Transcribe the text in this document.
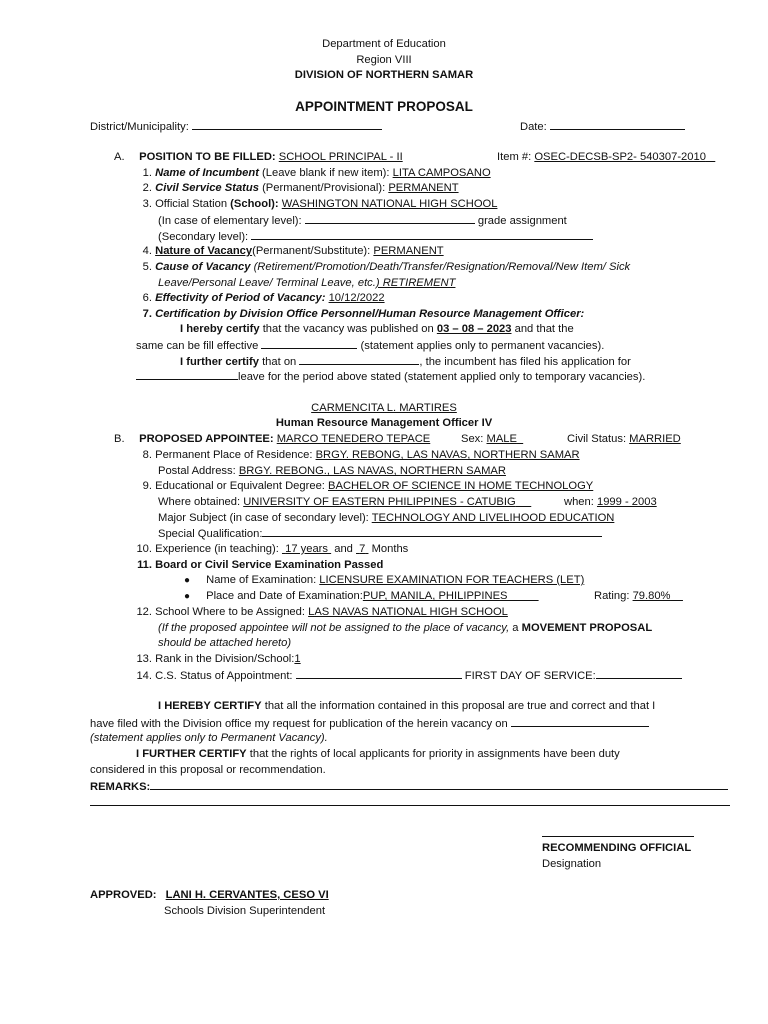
Department of Education
Region VIII
DIVISION OF NORTHERN SAMAR
APPOINTMENT PROPOSAL
District/Municipality:	Date:
A. POSITION TO BE FILLED: SCHOOL PRINCIPAL - II	Item #: OSEC-DECSB-SP2- 540307-2010
1. Name of Incumbent (Leave blank if new item): LITA CAMPOSANO
2. Civil Service Status (Permanent/Provisional): PERMANENT
3. Official Station (School): WASHINGTON NATIONAL HIGH SCHOOL
(In case of elementary level):	grade assignment
(Secondary level):
4. Nature of Vacancy(Permanent/Substitute): PERMANENT
5. Cause of Vacancy (Retirement/Promotion/Death/Transfer/Resignation/Removal/New Item/ Sick
Leave/Personal Leave/ Terminal Leave, etc.) RETIREMENT
6. Effectivity of Period of Vacancy: 10/12/2022
7. Certification by Division Office Personnel/Human Resource Management Officer:
I hereby certify that the vacancy was published on 03 – 08 – 2023 and that the
same can be fill effective	(statement applies only to permanent vacancies).
I further certify that on	, the incumbent has filed his application for
leave for the period above stated (statement applied only to temporary vacancies).
CARMENCITA L. MARTIRES
Human Resource Management Officer IV
B. PROPOSED APPOINTEE: MARCO TENEDERO TEPACE	Sex: MALE	Civil Status: MARRIED
8. Permanent Place of Residence: BRGY. REBONG, LAS NAVAS, NORTHERN SAMAR
Postal Address: BRGY. REBONG., LAS NAVAS, NORTHERN SAMAR
9. Educational or Equivalent Degree: BACHELOR OF SCIENCE IN HOME TECHNOLOGY
Where obtained: UNIVERSITY OF EASTERN PHILIPPINES - CATUBIG	when: 1999 - 2003
Major Subject (in case of secondary level): TECHNOLOGY AND LIVELIHOOD EDUCATION
Special Qualification:
10. Experience (in teaching): 17 years and 7 Months
11. Board or Civil Service Examination Passed
● Name of Examination: LICENSURE EXAMINATION FOR TEACHERS (LET)
● Place and Date of Examination:PUP, MANILA, PHILIPPINES	Rating: 79.80%
12. School Where to be Assigned: LAS NAVAS NATIONAL HIGH SCHOOL
(If the proposed appointee will not be assigned to the place of vacancy, a MOVEMENT PROPOSAL
should be attached hereto)
13. Rank in the Division/School:1
14. C.S. Status of Appointment:	FIRST DAY OF SERVICE:
I HEREBY CERTIFY that all the information contained in this proposal are true and correct and that I
have filed with the Division office my request for publication of the herein vacancy on
(statement applies only to Permanent Vacancy).
I FURTHER CERTIFY that the rights of local applicants for priority in assignments have been duty
considered in this proposal or recommendation.
REMARKS:
RECOMMENDING OFFICIAL
Designation
APPROVED: LANI H. CERVANTES, CESO VI
Schools Division Superintendent
